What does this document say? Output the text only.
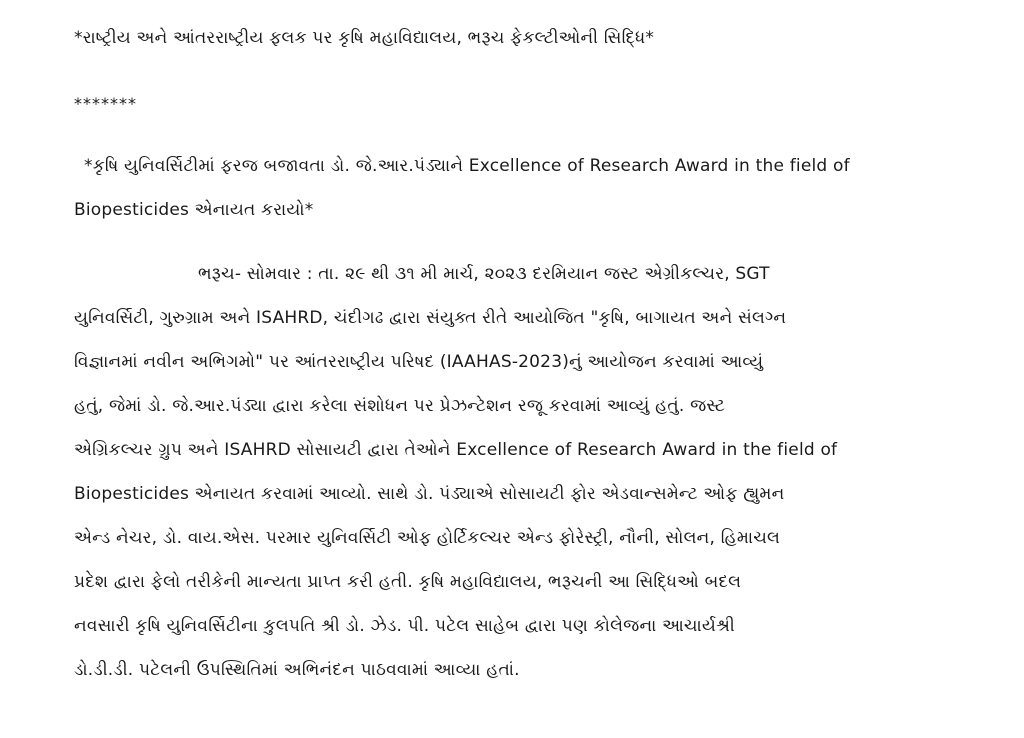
*રાષ્ટ્રીય અને આંતરરાષ્ટ્રીય ફલક પર કૃષિ મહાવિદ્યાલય, ભરૂચ ફેકલ્ટીઓની સિદ્ધિ*
*******
*કૃષિ યુનિવર્સિટીમાં ફરજ બજાવતા ડો. જે.આર.પંડ્યાને Excellence of Research Award in the field of
Biopesticides એનાયત કરાયો*
ભરૂચ- સોમવાર : તા. ૨૯ થી ૩૧ મી માર્ચ, ૨૦૨૩ દરમિયાન જસ્ટ એગ્રીકલ્ચર, SGT
યુનિવર્સિટી, ગુરુગ્રામ અને ISAHRD, ચંદીગઢ દ્વારા સંયુક્ત રીતે આયોજિત "કૃષિ, બાગાયત અને સંલગ્ન
વિજ્ઞાનમાં નવીન અભિગમો" પર આંતરરાષ્ટ્રીય પરિષદ (IAAHAS-2023)નું આયોજન કરવામાં આવ્યું
હતું, જેમાં ડો. જે.આર.પંડ્યા દ્વારા કરેલા સંશોધન પર પ્રેઝન્ટેશન રજૂ કરવામાં આવ્યું હતું. જસ્ટ
એગ્રિકલ્ચર ગ્રુપ અને ISAHRD સોસાયટી દ્વારા તેઓને Excellence of Research Award in the field of
Biopesticides એનાયત કરવામાં આવ્યો. સાથે ડો. પંડ્યાએ સોસાયટી ફોર એડવાન્સમેન્ટ ઓફ હ્યુમન
એન્ડ નેચર, ડો. વાય.એસ. પરમાર યુનિવર્સિટી ઓફ હોર્ટિકલ્ચર એન્ડ ફોરેસ્ટ્રી, નૌની, સોલન, હિમાચલ
પ્રદેશ દ્વારા ફેલો તરીકેની માન્યતા પ્રાપ્ત કરી હતી. કૃષિ મહાવિદ્યાલય, ભરૂચની આ સિદ્ધિઓ બદલ
નવસારી કૃષિ યુનિવર્સિટીના કુલપતિ શ્રી ડો. ઝેડ. પી. પટેલ સાહેબ દ્વારા પણ કોલેજના આચાર્યશ્રી
ડો.ડી.ડી. પટેલની ઉપસ્થિતિમાં અભિનંદન પાઠવવામાં આવ્યા હતાં.
